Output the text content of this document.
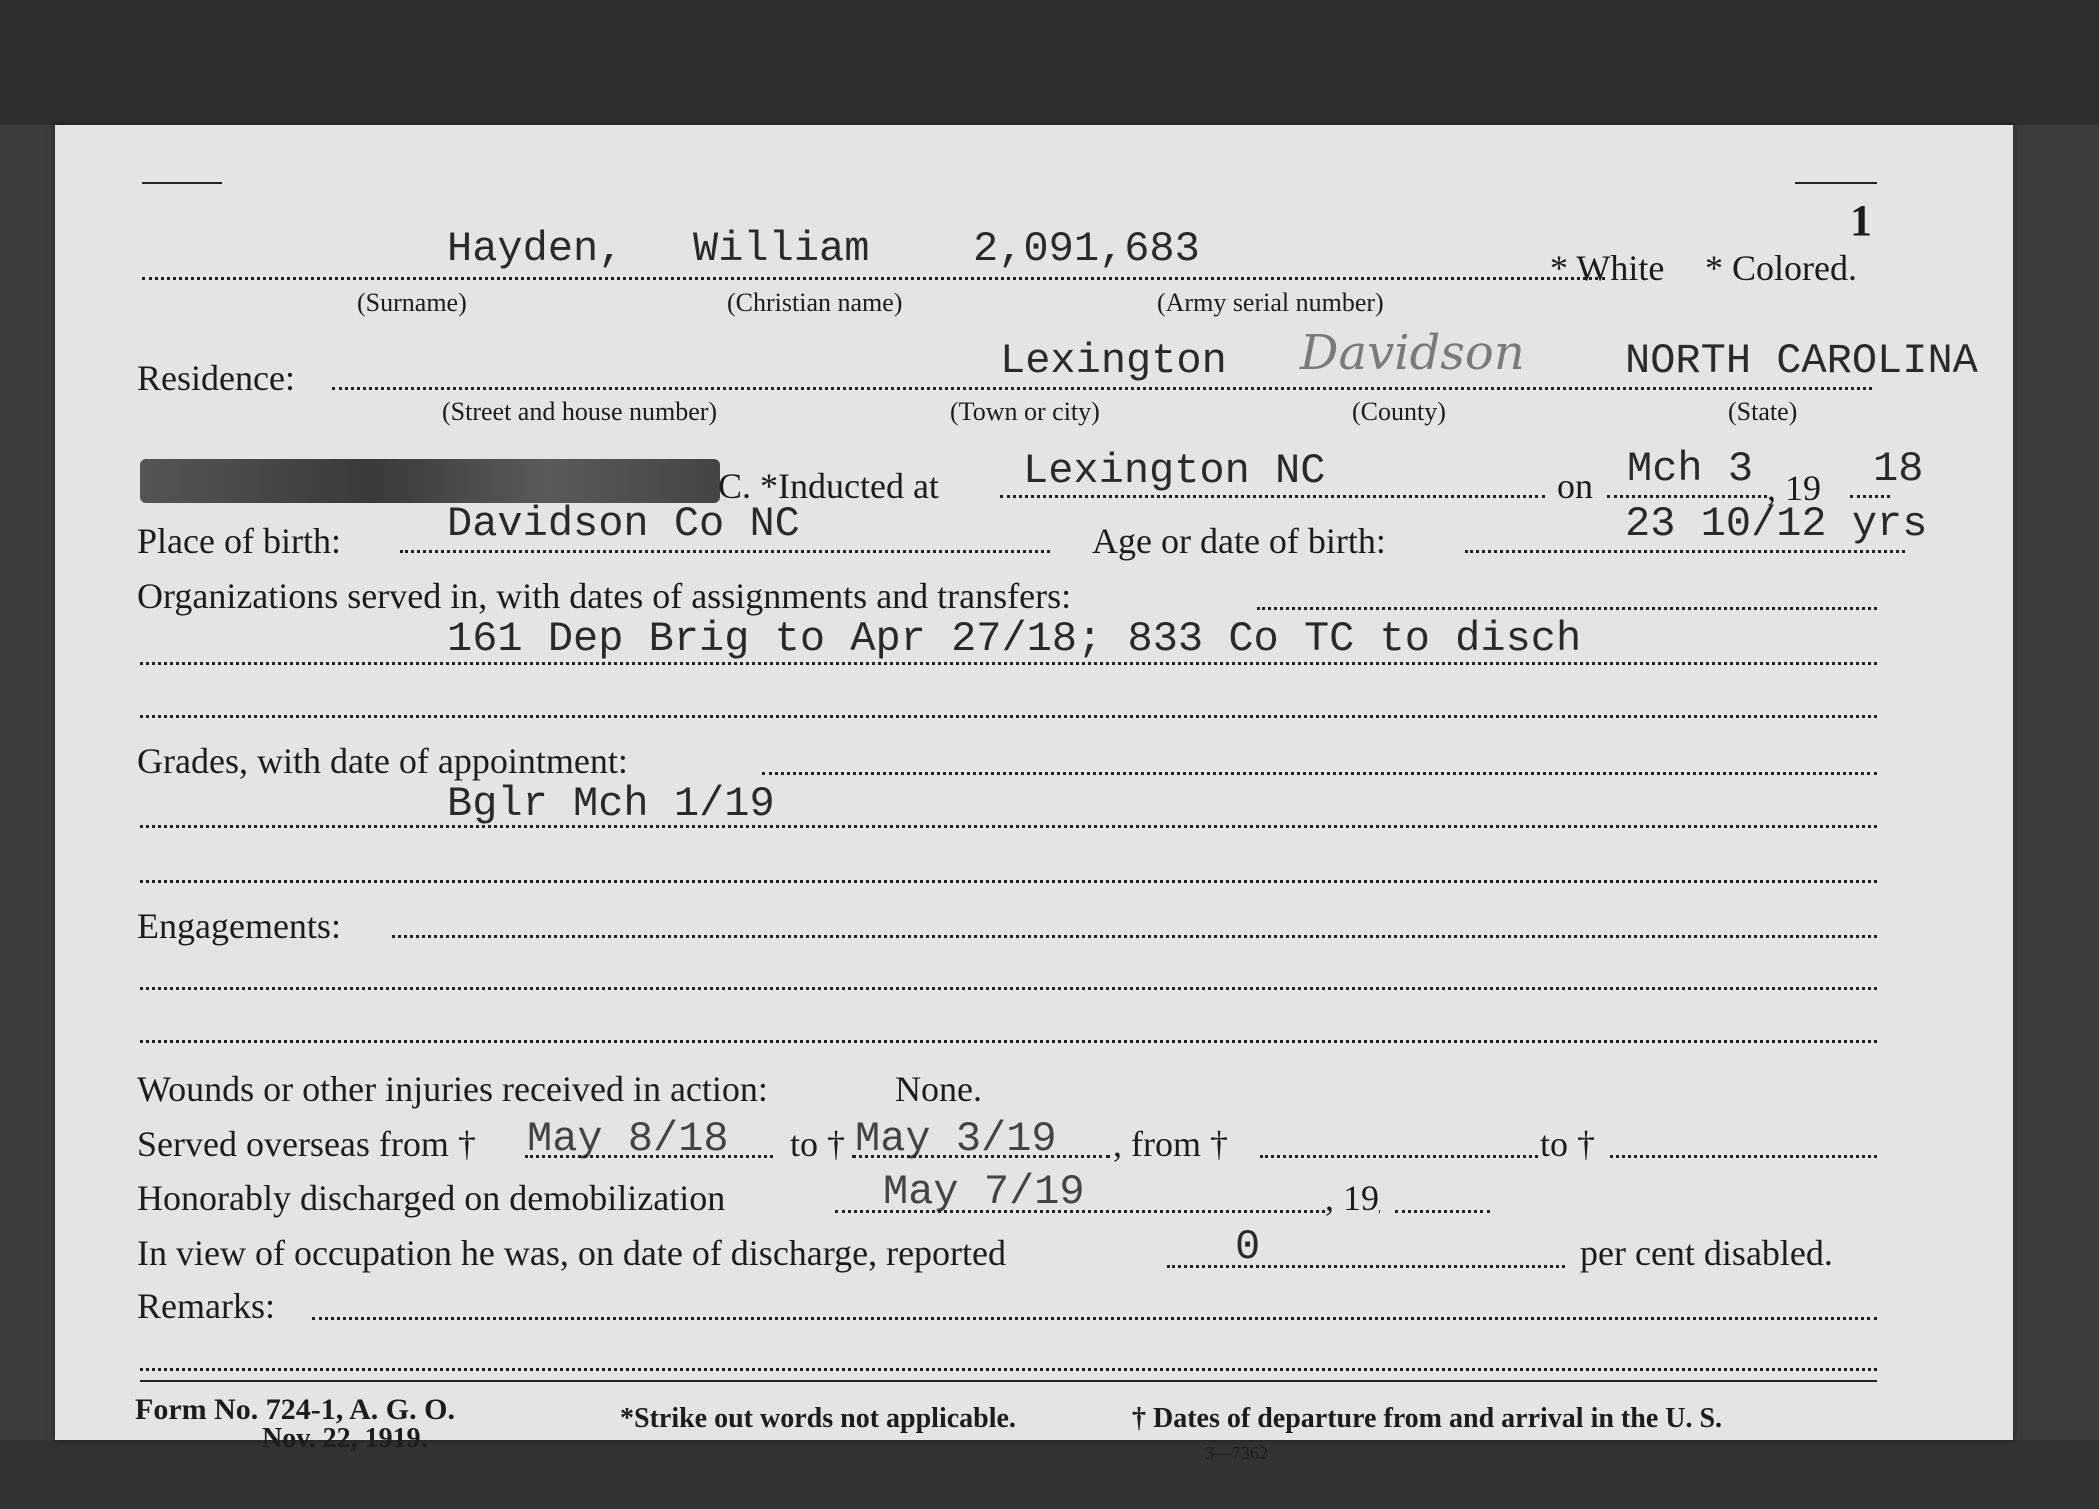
1
Hayden, William 2,091,683	* White * Colored.
(Surname)	(Christian name)	(Army serial number)
Residence:	Lexington Davidson NORTH CAROLINA
(Street and house number)	(Town or city)	(County)	(State)
C. *Inducted at Lexington NC	on Mch 3 , 19 18
Place of birth:	Davidson Co NC	Age or date of birth:	23 10/12 yrs
Organizations served in, with dates of assignments and transfers:
161 Dep Brig to Apr 27/18; 833 Co TC to disch
Grades, with date of appointment:
Bglr Mch 1/19
Engagements:
Wounds or other injuries received in action:	None.
Served overseas from † May 8/18 to † May 3/19 , from †	to †
Honorably discharged on demobilization	May 7/19	, 19
In view of occupation he was, on date of discharge, reported	0	per cent disabled.
Remarks:
Form No. 724-1, A. G. O.
Nov. 22, 1919.
*Strike out words not applicable.	† Dates of departure from and arrival in the U. S.
3—7362
